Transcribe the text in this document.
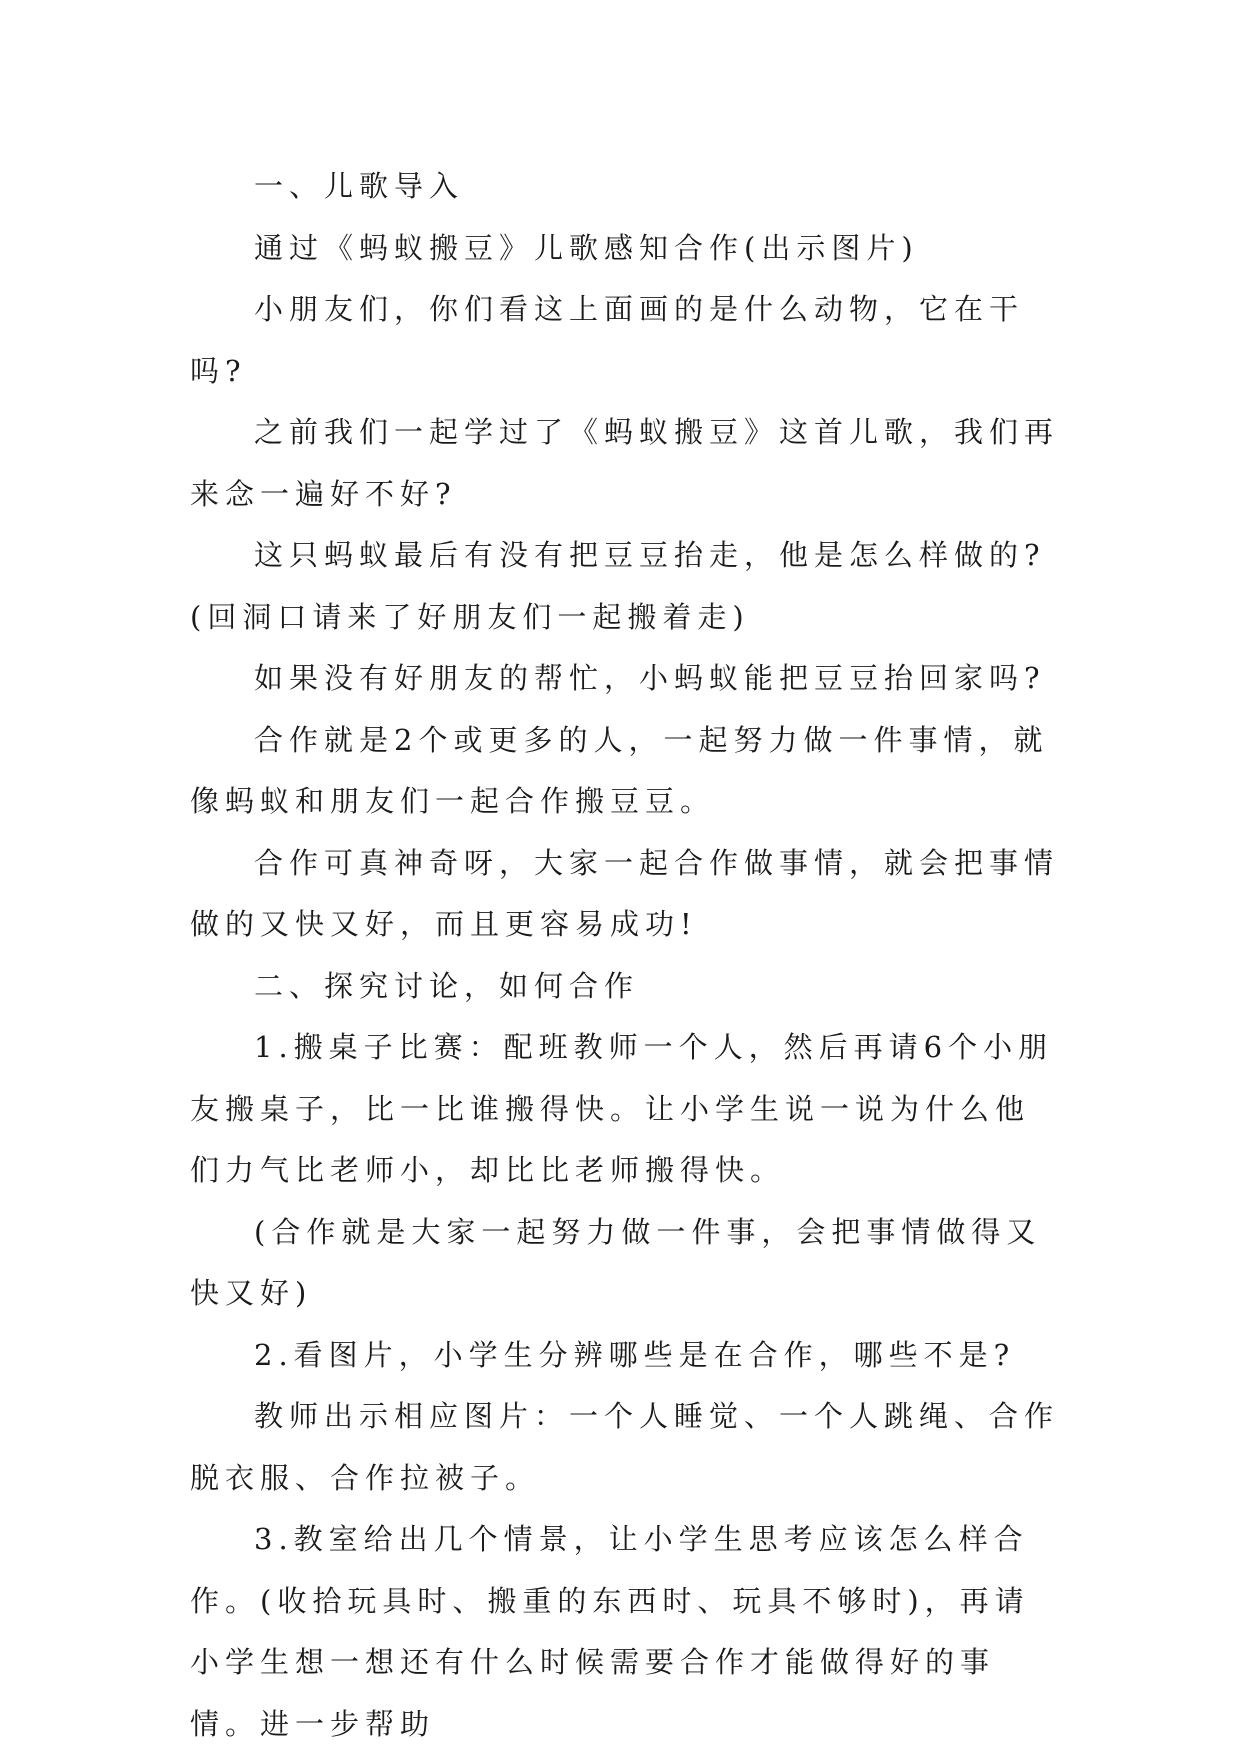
一、儿歌导入

通过《蚂蚁搬豆》儿歌感知合作(出示图片)

小朋友们，你们看这上面画的是什么动物，它在干吗?

之前我们一起学过了《蚂蚁搬豆》这首儿歌，我们再来念一遍好不好?

这只蚂蚁最后有没有把豆豆抬走，他是怎么样做的?(回洞口请来了好朋友们一起搬着走)

如果没有好朋友的帮忙，小蚂蚁能把豆豆抬回家吗?

合作就是2个或更多的人，一起努力做一件事情，就像蚂蚁和朋友们一起合作搬豆豆。

合作可真神奇呀，大家一起合作做事情，就会把事情做的又快又好，而且更容易成功!

二、探究讨论，如何合作

1.搬桌子比赛：配班教师一个人，然后再请6个小朋友搬桌子，比一比谁搬得快。让小学生说一说为什么他们力气比老师小，却比比老师搬得快。

(合作就是大家一起努力做一件事，会把事情做得又快又好)

2.看图片，小学生分辨哪些是在合作，哪些不是?

教师出示相应图片：一个人睡觉、一个人跳绳、合作脱衣服、合作拉被子。

3.教室给出几个情景，让小学生思考应该怎么样合作。(收拾玩具时、搬重的东西时、玩具不够时)，再请小学生想一想还有什么时候需要合作才能做得好的事情。进一步帮助
